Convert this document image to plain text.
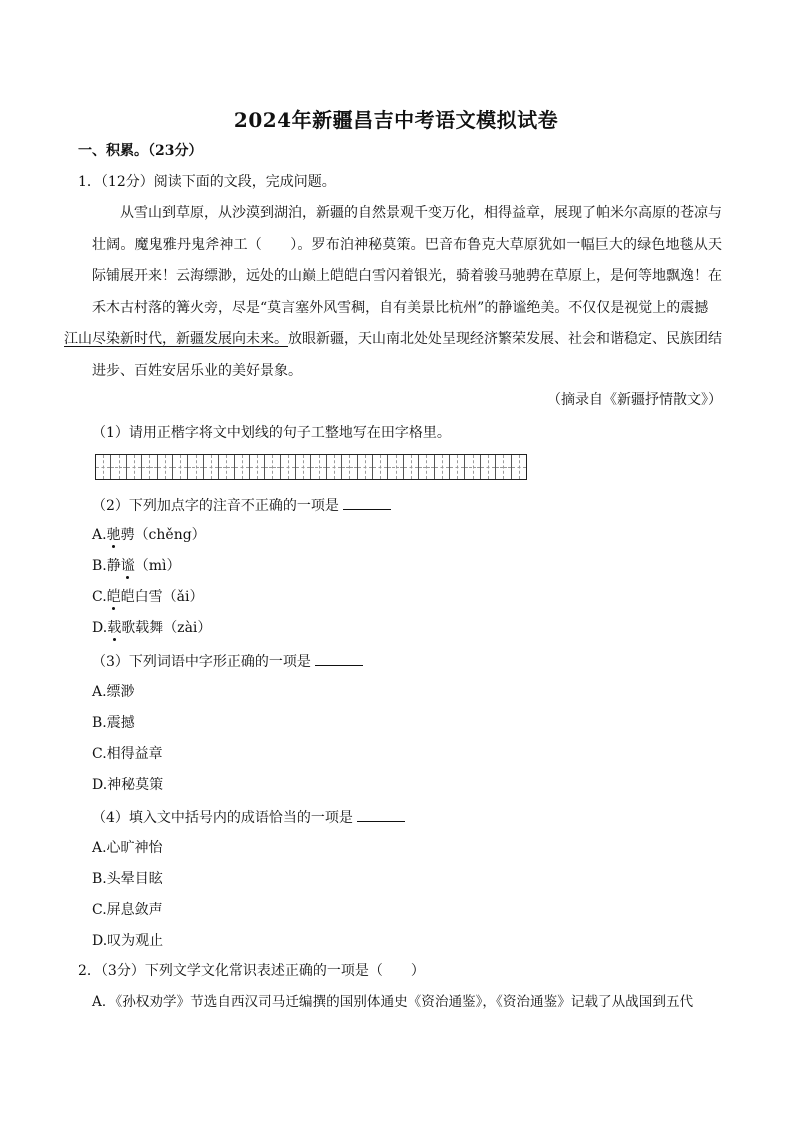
2024年新疆昌吉中考语文模拟试卷
一、积累。（23分）
1．（12分）阅读下面的文段，完成问题。
从雪山到草原，从沙漠到湖泊，新疆的自然景观千变万化，相得益章，展现了帕米尔高原的苍凉与壮阔。魔鬼雅丹鬼斧神工（　　）。罗布泊神秘莫策。巴音布鲁克大草原犹如一幅巨大的绿色地毯从天际铺展开来！云海缥渺，远处的山巅上皑皑白雪闪着银光，骑着骏马驰骋在草原上，是何等地飘逸！在禾木古村落的篝火旁，尽是“莫言塞外风雪稠，自有美景比杭州”的静谧绝美。不仅仅是视觉上的震撼
江山尽染新时代，新疆发展向未来。放眼新疆，天山南北处处呈现经济繁荣发展、社会和谐稳定、民族团结进步、百姓安居乐业的美好景象。
（摘录自《新疆抒情散文》）
（1）请用正楷字将文中划线的句子工整地写在田字格里。
（2）下列加点字的注音不正确的一项是
A.驰骋（chěng）
B.静谧（mì）
C.皑皑白雪（ǎi）
D.载歌载舞（zài）
（3）下列词语中字形正确的一项是
A.缥渺
B.震撼
C.相得益章
D.神秘莫策
（4）填入文中括号内的成语恰当的一项是
A.心旷神怡
B.头晕目眩
C.屏息敛声
D.叹为观止
2．（3分）下列文学文化常识表述正确的一项是（　　）
A．《孙权劝学》节选自西汉司马迁编撰的国别体通史《资治通鉴》，《资治通鉴》记载了从战国到五代
